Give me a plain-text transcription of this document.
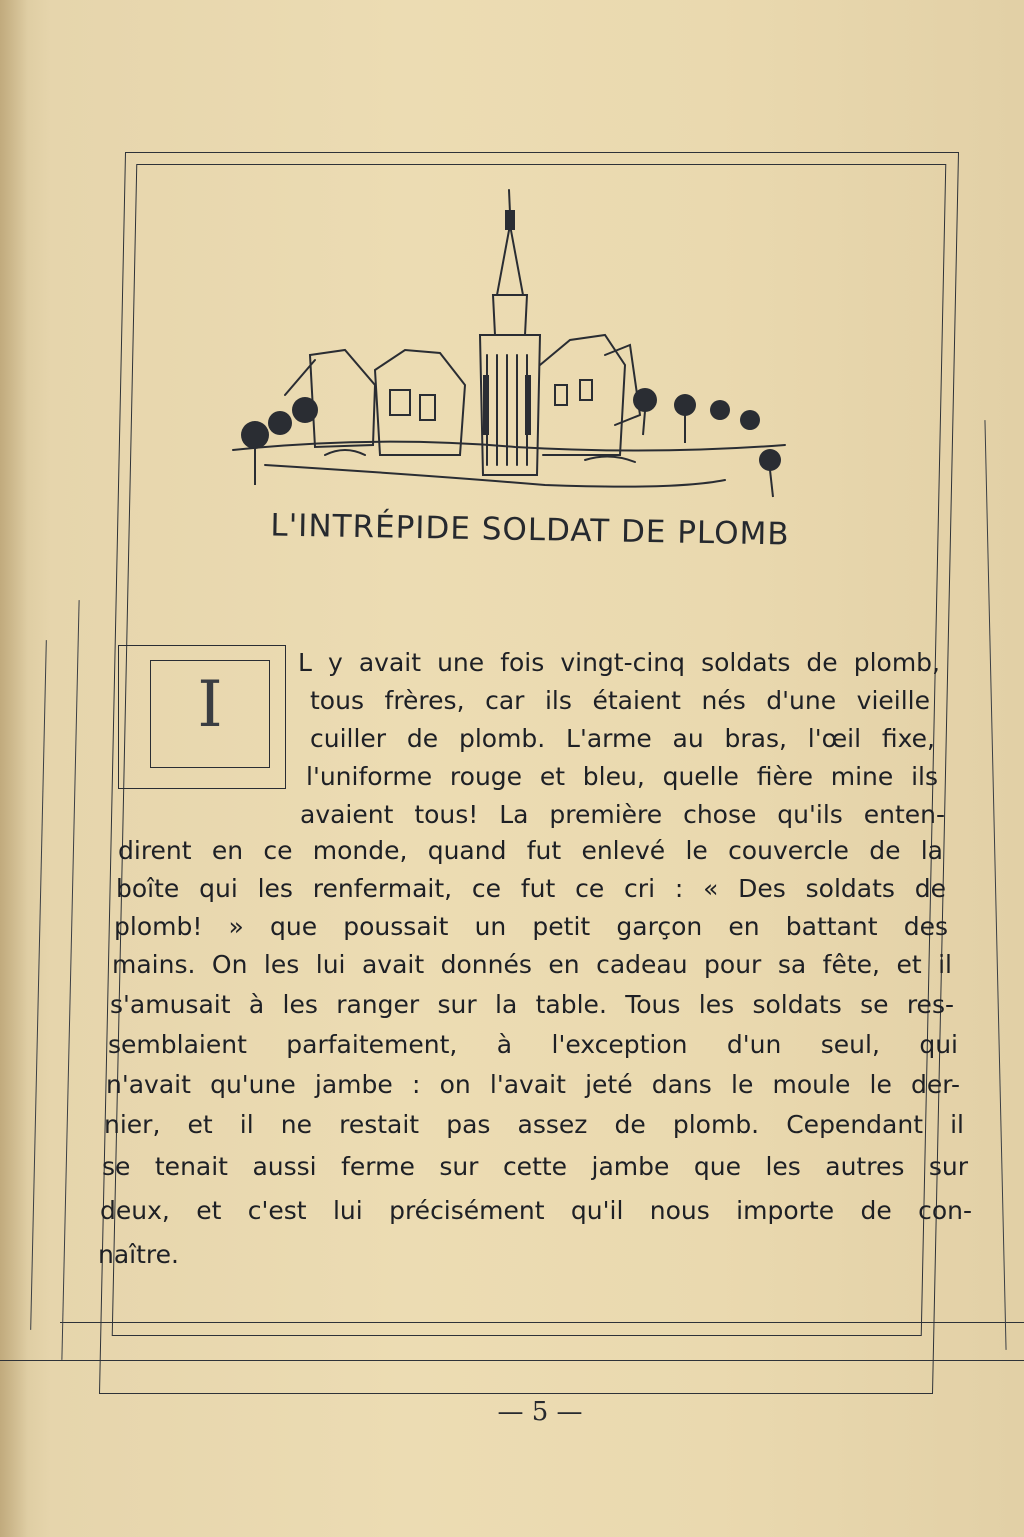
L'INTRÉPIDE SOLDAT DE PLOMB
I
L y avait une fois vingt-cinq soldats de plomb,
tous frères, car ils étaient nés d'une vieille
cuiller de plomb. L'arme au bras, l'œil fixe,
l'uniforme rouge et bleu, quelle fière mine ils
avaient tous! La première chose qu'ils enten-
dirent en ce monde, quand fut enlevé le couvercle de la
boîte qui les renfermait, ce fut ce cri : « Des soldats de
plomb! » que poussait un petit garçon en battant des
mains. On les lui avait donnés en cadeau pour sa fête, et il
s'amusait à les ranger sur la table. Tous les soldats se res-
semblaient parfaitement, à l'exception d'un seul, qui
n'avait qu'une jambe : on l'avait jeté dans le moule le der-
nier, et il ne restait pas assez de plomb. Cependant il
se tenait aussi ferme sur cette jambe que les autres sur
deux, et c'est lui précisément qu'il nous importe de con-
naître.
— 5 —
